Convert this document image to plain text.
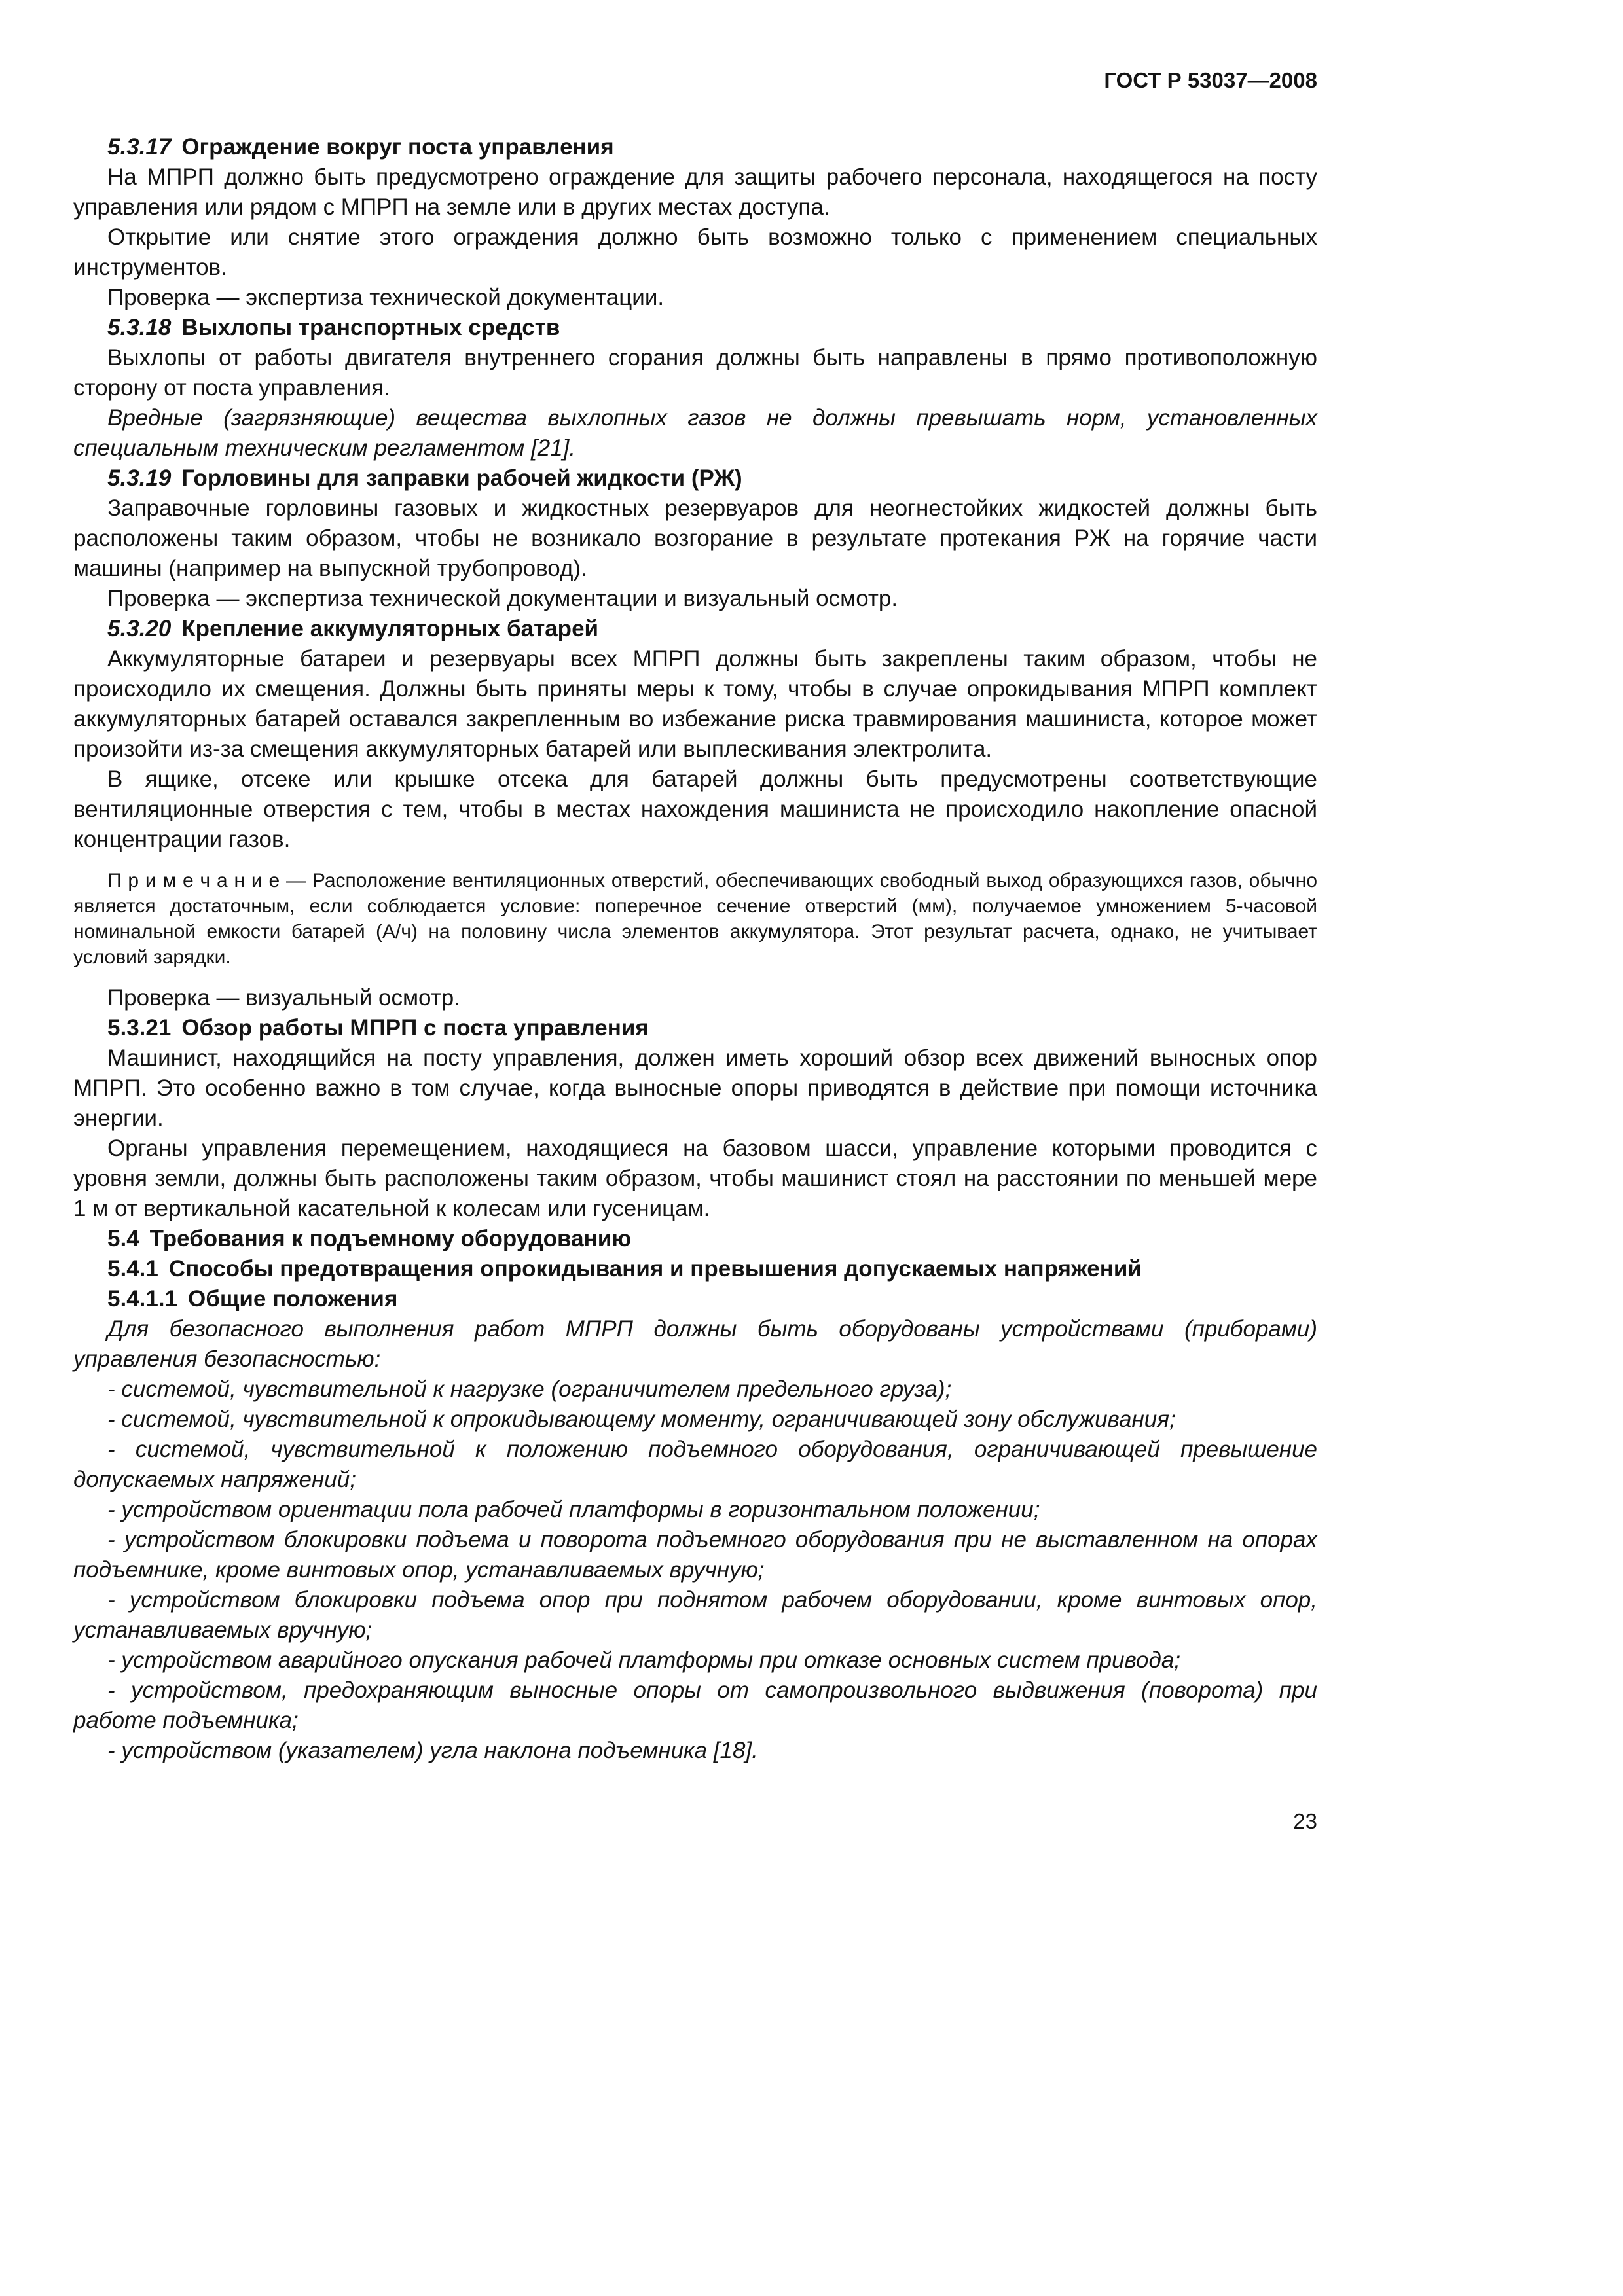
ГОСТ Р 53037—2008

5.3.17 Ограждение вокруг поста управления

На МПРП должно быть предусмотрено ограждение для защиты рабочего персонала, находящегося на посту управления или рядом с МПРП на земле или в других местах доступа.

Открытие или снятие этого ограждения должно быть возможно только с применением специальных инструментов.

Проверка — экспертиза технической документации.

5.3.18 Выхлопы транспортных средств

Выхлопы от работы двигателя внутреннего сгорания должны быть направлены в прямо противоположную сторону от поста управления.

Вредные (загрязняющие) вещества выхлопных газов не должны превышать норм, установленных специальным техническим регламентом [21].

5.3.19 Горловины для заправки рабочей жидкости (РЖ)

Заправочные горловины газовых и жидкостных резервуаров для неогнестойких жидкостей должны быть расположены таким образом, чтобы не возникало возгорание в результате протекания РЖ на горячие части машины (например на выпускной трубопровод).

Проверка — экспертиза технической документации и визуальный осмотр.

5.3.20 Крепление аккумуляторных батарей

Аккумуляторные батареи и резервуары всех МПРП должны быть закреплены таким образом, чтобы не происходило их смещения. Должны быть приняты меры к тому, чтобы в случае опрокидывания МПРП комплект аккумуляторных батарей оставался закрепленным во избежание риска травмирования машиниста, которое может произойти из-за смещения аккумуляторных батарей или выплескивания электролита.

В ящике, отсеке или крышке отсека для батарей должны быть предусмотрены соответствующие вентиляционные отверстия с тем, чтобы в местах нахождения машиниста не происходило накопление опасной концентрации газов.

П р и м е ч а н и е — Расположение вентиляционных отверстий, обеспечивающих свободный выход образующихся газов, обычно является достаточным, если соблюдается условие: поперечное сечение отверстий (мм), получаемое умножением 5-часовой номинальной емкости батарей (А/ч) на половину числа элементов аккумулятора. Этот результат расчета, однако, не учитывает условий зарядки.

Проверка — визуальный осмотр.

5.3.21 Обзор работы МПРП с поста управления

Машинист, находящийся на посту управления, должен иметь хороший обзор всех движений выносных опор МПРП. Это особенно важно в том случае, когда выносные опоры приводятся в действие при помощи источника энергии.

Органы управления перемещением, находящиеся на базовом шасси, управление которыми проводится с уровня земли, должны быть расположены таким образом, чтобы машинист стоял на расстоянии по меньшей мере 1 м от вертикальной касательной к колесам или гусеницам.

5.4 Требования к подъемному оборудованию

5.4.1 Способы предотвращения опрокидывания и превышения допускаемых напряжений

5.4.1.1 Общие положения

Для безопасного выполнения работ МПРП должны быть оборудованы устройствами (приборами) управления безопасностью:

- системой, чувствительной к нагрузке (ограничителем предельного груза);

- системой, чувствительной к опрокидывающему моменту, ограничивающей зону обслуживания;

- системой, чувствительной к положению подъемного оборудования, ограничивающей превышение допускаемых напряжений;

- устройством ориентации пола рабочей платформы в горизонтальном положении;

- устройством блокировки подъема и поворота подъемного оборудования при не выставленном на опорах подъемнике, кроме винтовых опор, устанавливаемых вручную;

- устройством блокировки подъема опор при поднятом рабочем оборудовании, кроме винтовых опор, устанавливаемых вручную;

- устройством аварийного опускания рабочей платформы при отказе основных систем привода;

- устройством, предохраняющим выносные опоры от самопроизвольного выдвижения (поворота) при работе подъемника;

- устройством (указателем) угла наклона подъемника [18].

23
